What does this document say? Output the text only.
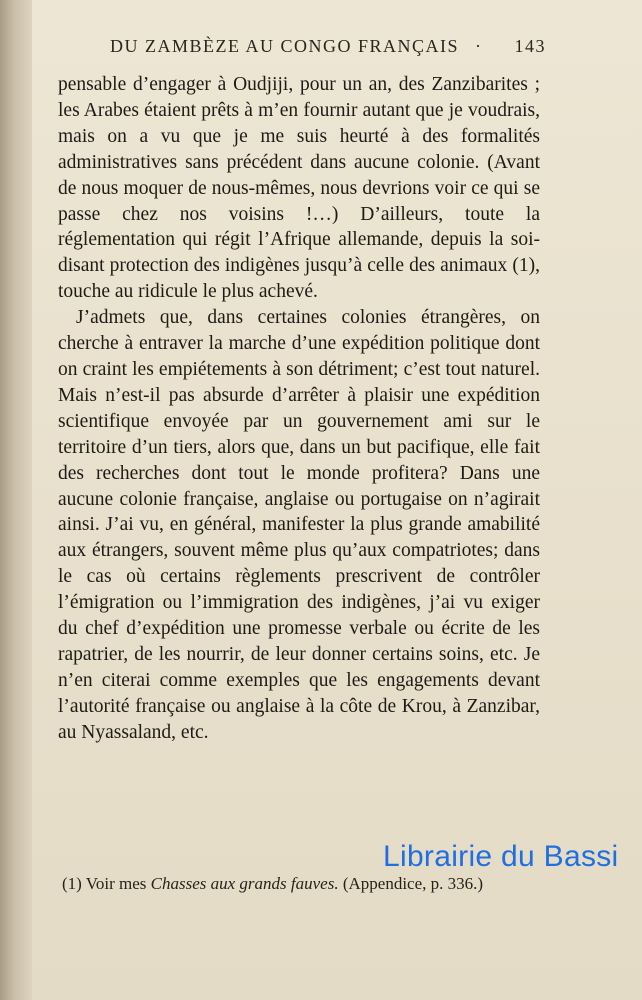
DU ZAMBÈZE AU CONGO FRANÇAIS · 143

pensable d’engager à Oudjiji, pour un an, des Zanzibarites ; les Arabes étaient prêts à m’en fournir autant que je voudrais, mais on a vu que je me suis heurté à des formalités administratives sans précédent dans aucune colonie. (Avant de nous moquer de nous-mêmes, nous devrions voir ce qui se passe chez nos voisins !…) D’ailleurs, toute la réglementation qui régit l’Afrique allemande, depuis la soi-disant protection des indigènes jusqu’à celle des animaux (1), touche au ridicule le plus achevé.

J’admets que, dans certaines colonies étrangères, on cherche à entraver la marche d’une expédition politique dont on craint les empiétements à son détriment; c’est tout naturel. Mais n’est-il pas absurde d’arrêter à plaisir une expédition scientifique envoyée par un gouvernement ami sur le territoire d’un tiers, alors que, dans un but pacifique, elle fait des recherches dont tout le monde profitera? Dans une aucune colonie française, anglaise ou portugaise on n’agirait ainsi. J’ai vu, en général, manifester la plus grande amabilité aux étrangers, souvent même plus qu’aux compatriotes; dans le cas où certains règlements prescrivent de contrôler l’émigration ou l’immigration des indigènes, j’ai vu exiger du chef d’expédition une promesse verbale ou écrite de les rapatrier, de les nourrir, de leur donner certains soins, etc. Je n’en citerai comme exemples que les engagements devant l’autorité française ou anglaise à la côte de Krou, à Zanzibar, au Nyassaland, etc.

(1) Voir mes Chasses aux grands fauves. (Appendice, p. 336.)
Librairie du Bassi
